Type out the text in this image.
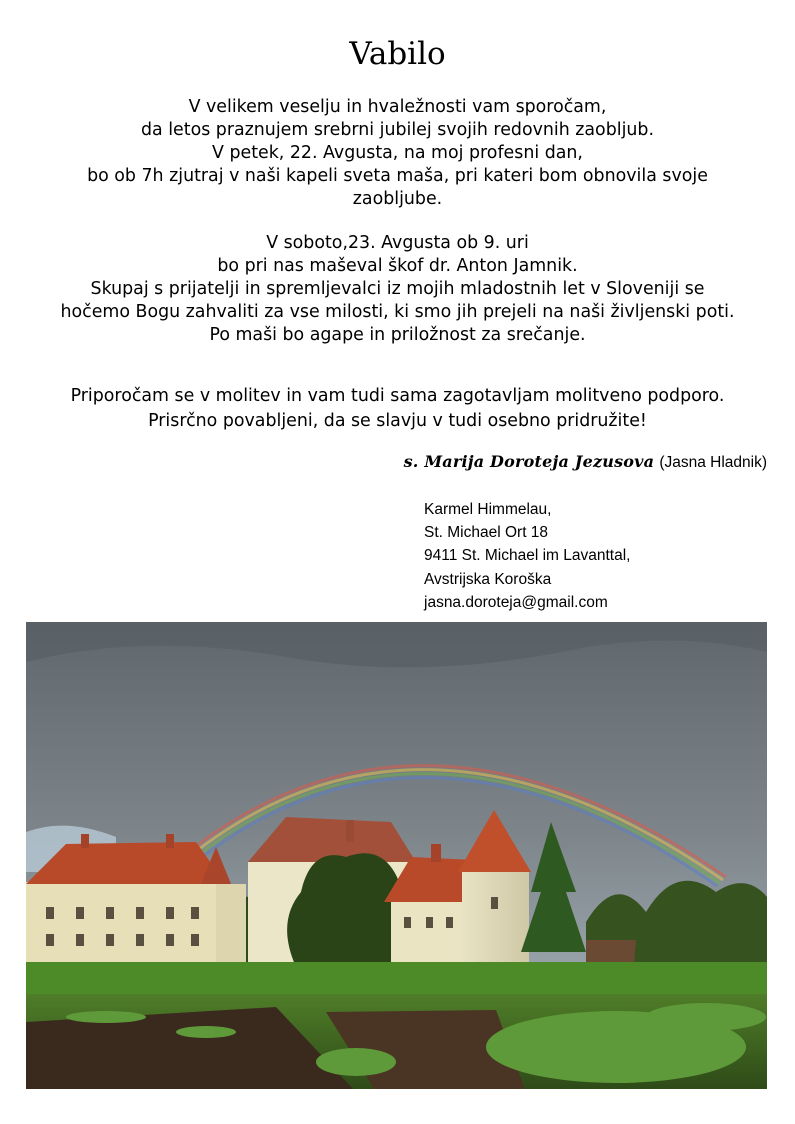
Vabilo
V velikem veselju in hvaležnosti vam sporočam,
da letos praznujem srebrni jubilej svojih redovnih zaobljub.
V petek, 22. Avgusta, na moj profesni dan,
bo ob 7h zjutraj v naši kapeli sveta maša, pri kateri bom obnovila svoje
zaobljube.
V soboto,23. Avgusta ob 9. uri
bo pri nas maševal škof dr. Anton Jamnik.
Skupaj s prijatelji in spremljevalci iz mojih mladostnih let v Sloveniji se
hočemo Bogu zahvaliti za vse milosti, ki smo jih prejeli na naši življenski poti.
Po maši bo agape in priložnost za srečanje.
Priporočam se v molitev in vam tudi sama zagotavljam molitveno podporo.
Prisrčno povabljeni, da se slavju v tudi osebno pridružite!
s. Marija Doroteja Jezusova (Jasna Hladnik)
Karmel Himmelau,
St. Michael Ort 18
9411 St. Michael im Lavanttal,
Avstrijska Koroška
jasna.doroteja@gmail.com
